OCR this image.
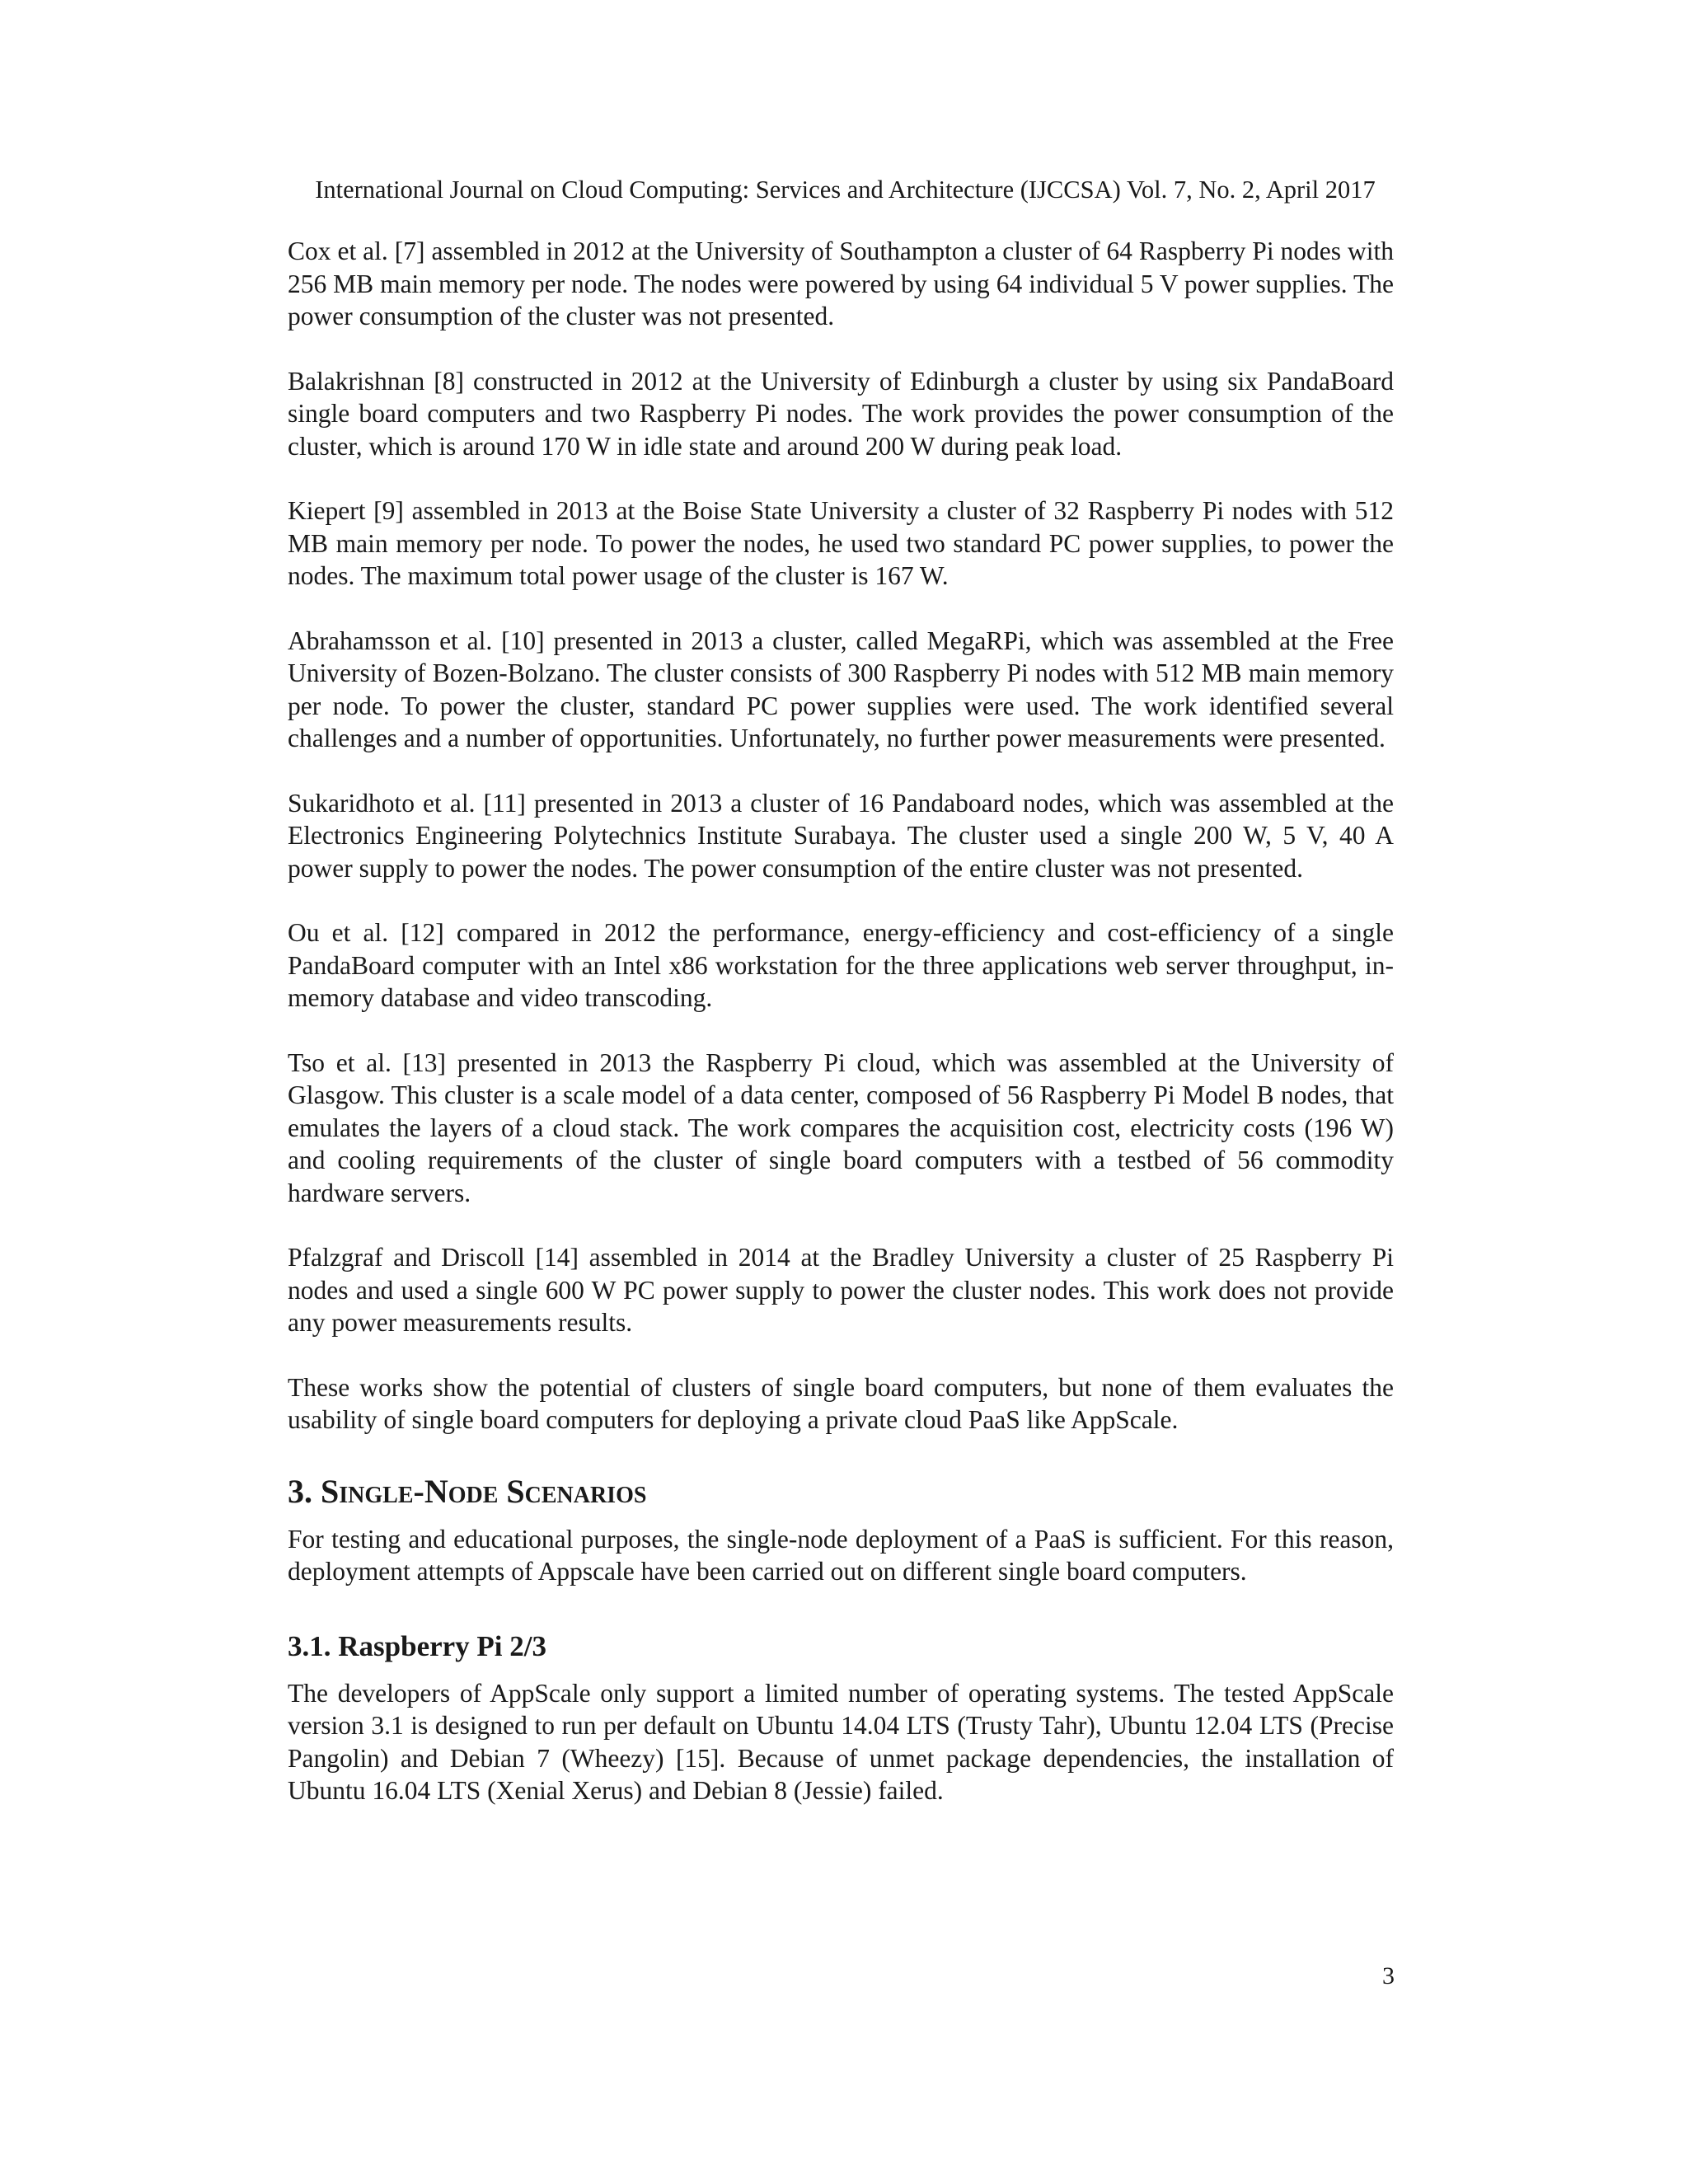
International Journal on Cloud Computing: Services and Architecture (IJCCSA) Vol. 7, No. 2, April 2017

Cox et al. [7] assembled in 2012 at the University of Southampton a cluster of 64 Raspberry Pi nodes with 256 MB main memory per node. The nodes were powered by using 64 individual 5 V power supplies. The power consumption of the cluster was not presented.

Balakrishnan [8] constructed in 2012 at the University of Edinburgh a cluster by using six PandaBoard single board computers and two Raspberry Pi nodes. The work provides the power consumption of the cluster, which is around 170 W in idle state and around 200 W during peak load.

Kiepert [9] assembled in 2013 at the Boise State University a cluster of 32 Raspberry Pi nodes with 512 MB main memory per node. To power the nodes, he used two standard PC power supplies, to power the nodes. The maximum total power usage of the cluster is 167 W.

Abrahamsson et al. [10] presented in 2013 a cluster, called MegaRPi, which was assembled at the Free University of Bozen-Bolzano. The cluster consists of 300 Raspberry Pi nodes with 512 MB main memory per node. To power the cluster, standard PC power supplies were used. The work identified several challenges and a number of opportunities. Unfortunately, no further power measurements were presented.

Sukaridhoto et al. [11] presented in 2013 a cluster of 16 Pandaboard nodes, which was assembled at the Electronics Engineering Polytechnics Institute Surabaya. The cluster used a single 200 W, 5 V, 40 A power supply to power the nodes. The power consumption of the entire cluster was not presented.

Ou et al. [12] compared in 2012 the performance, energy-efficiency and cost-efficiency of a single PandaBoard computer with an Intel x86 workstation for the three applications web server throughput, in-memory database and video transcoding.

Tso et al. [13] presented in 2013 the Raspberry Pi cloud, which was assembled at the University of Glasgow. This cluster is a scale model of a data center, composed of 56 Raspberry Pi Model B nodes, that emulates the layers of a cloud stack. The work compares the acquisition cost, electricity costs (196 W) and cooling requirements of the cluster of single board computers with a testbed of 56 commodity hardware servers.

Pfalzgraf and Driscoll [14] assembled in 2014 at the Bradley University a cluster of 25 Raspberry Pi nodes and used a single 600 W PC power supply to power the cluster nodes. This work does not provide any power measurements results.

These works show the potential of clusters of single board computers, but none of them evaluates the usability of single board computers for deploying a private cloud PaaS like AppScale.

3. Single-Node Scenarios

For testing and educational purposes, the single-node deployment of a PaaS is sufficient. For this reason, deployment attempts of Appscale have been carried out on different single board computers.

3.1. Raspberry Pi 2/3

The developers of AppScale only support a limited number of operating systems. The tested AppScale version 3.1 is designed to run per default on Ubuntu 14.04 LTS (Trusty Tahr), Ubuntu 12.04 LTS (Precise Pangolin) and Debian 7 (Wheezy) [15]. Because of unmet package dependencies, the installation of Ubuntu 16.04 LTS (Xenial Xerus) and Debian 8 (Jessie) failed.

3
